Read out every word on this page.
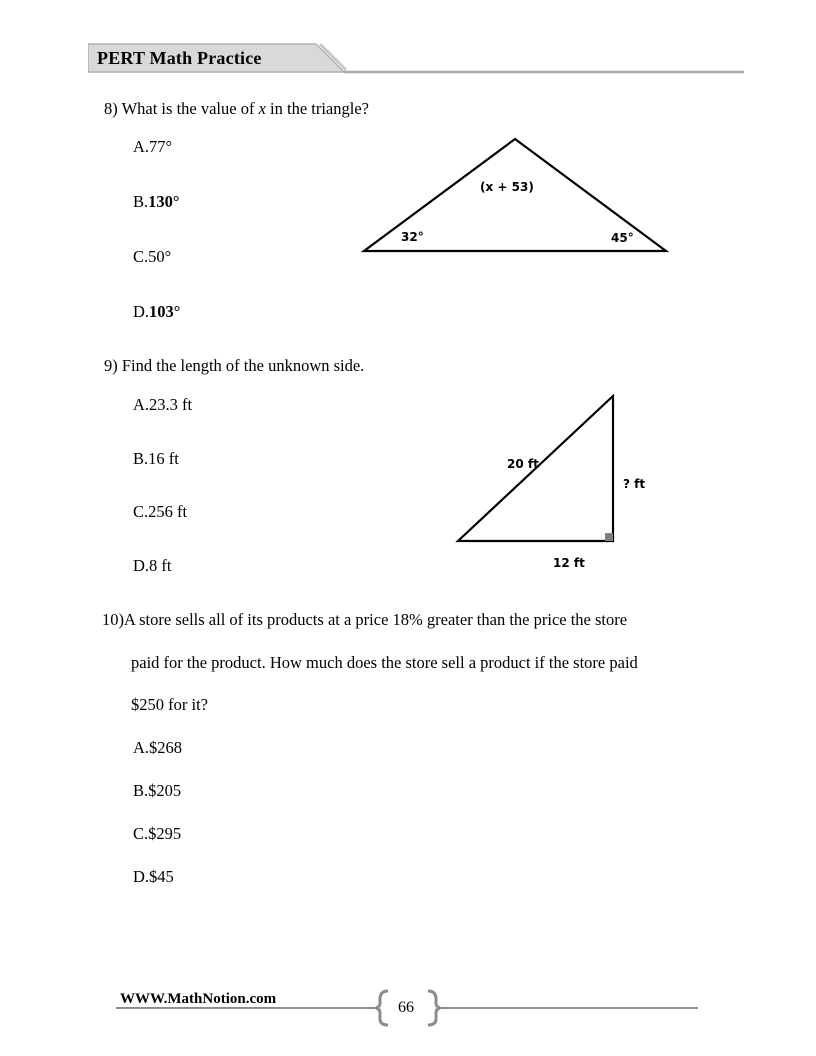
PERT Math Practice
8) What is the value of x in the triangle?
A.77°
B.130°
C.50°
D.103°
(x + 53)
32°	45°
9) Find the length of the unknown side.
A.23.3 ft
B.16 ft
C.256 ft
D.8 ft
20 ft
? ft
12 ft
10)A store sells all of its products at a price 18% greater than the price the store
paid for the product. How much does the store sell a product if the store paid
$250 for it?
A.$268
B.$205
C.$295
D.$45
WWW.MathNotion.com	66
